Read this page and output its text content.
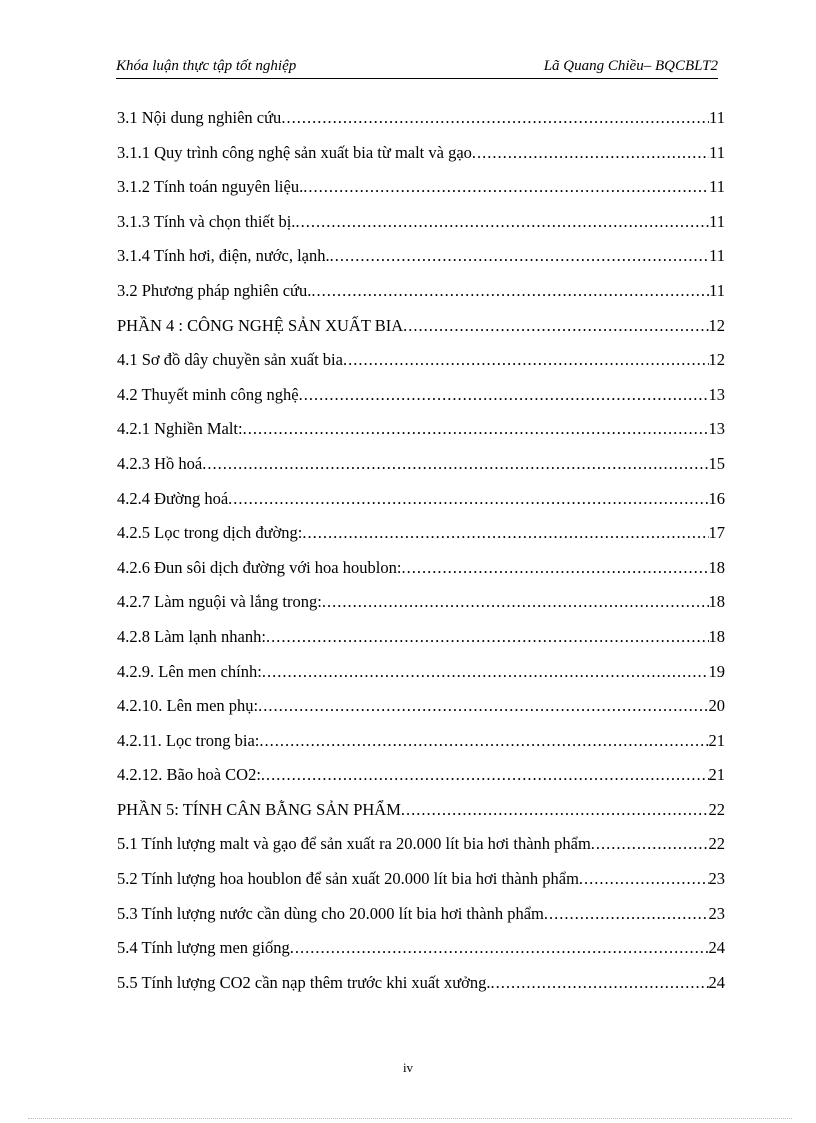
Khóa luận thực tập tốt nghiệp	Lã Quang Chiều– BQCBLT2
3.1 Nội dung nghiên cứu .....	11
3.1.1 Quy trình công nghệ sản xuất bia từ malt và gạo .....	11
3.1.2 Tính toán nguyên liệu. .....	11
3.1.3 Tính và chọn thiết bị. .....	11
3.1.4 Tính hơi, điện, nước, lạnh. .....	11
3.2 Phương pháp nghiên cứu. .....	11
PHẦN 4 : CÔNG NGHỆ SẢN XUẤT BIA .....	12
4.1 Sơ đồ dây chuyền sản xuất bia .....	12
4.2 Thuyết minh công nghệ .....	13
4.2.1 Nghiền Malt: .....	13
4.2.3 Hồ hoá .....	15
4.2.4 Đường hoá .....	16
4.2.5 Lọc trong dịch đường: .....	17
4.2.6 Đun sôi dịch đường với hoa houblon: .....	18
4.2.7 Làm nguội và lắng trong: .....	18
4.2.8 Làm lạnh nhanh: .....	18
4.2.9. Lên men chính: .....	19
4.2.10. Lên men phụ: .....	20
4.2.11. Lọc trong bia: .....	21
4.2.12. Bão hoà CO2: .....	21
PHẦN 5: TÍNH CÂN BẰNG SẢN PHẨM .....	22
5.1 Tính lượng malt và gạo để sản xuất ra 20.000 lít bia hơi thành phẩm .....	22
5.2 Tính lượng hoa houblon để sản xuất 20.000 lít bia hơi thành phẩm .....	23
5.3 Tính lượng nước cần dùng cho 20.000 lít bia hơi thành phẩm .....	23
5.4 Tính lượng men giống .....	24
5.5 Tính lượng CO2 cần nạp thêm trước khi xuất xưởng. .....	24
iv
